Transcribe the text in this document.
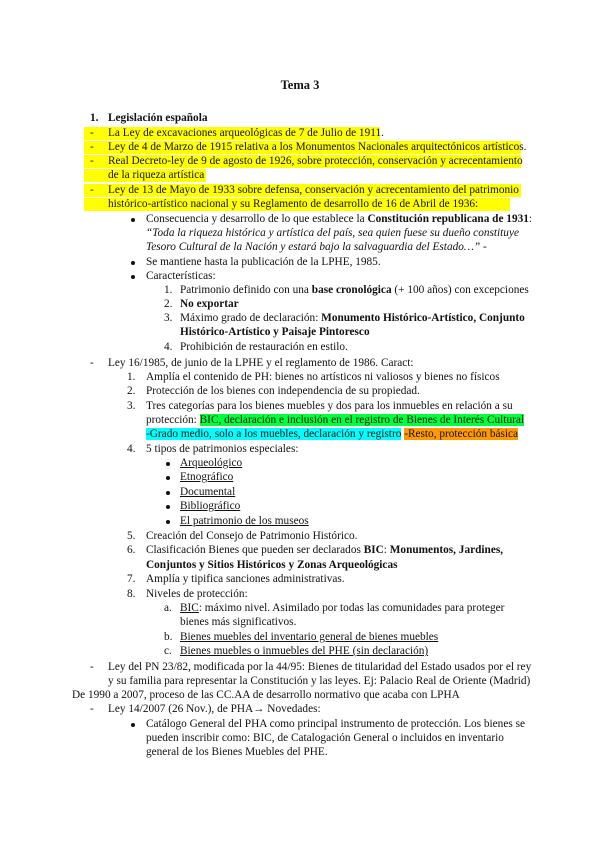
Tema 3
1. Legislación española
- La Ley de excavaciones arqueológicas de 7 de Julio de 1911.
- Ley de 4 de Marzo de 1915 relativa a los Monumentos Nacionales arquitectónicos artísticos.
- Real Decreto-ley de 9 de agosto de 1926, sobre protección, conservación y acrecentamiento
de la riqueza artística
- Ley de 13 de Mayo de 1933 sobre defensa, conservación y acrecentamiento del patrimonio
histórico-artístico nacional y su Reglamento de desarrollo de 16 de Abril de 1936:
Consecuencia y desarrollo de lo que establece la Constitución republicana de 1931:
“Toda la riqueza histórica y artística del país, sea quien fuese su dueño constituye
Tesoro Cultural de la Nación y estará bajo la salvaguardia del Estado…” -
Se mantiene hasta la publicación de la LPHE, 1985.
Características:
1. Patrimonio definido con una base cronológica (+ 100 años) con excepciones
2. No exportar
3. Máximo grado de declaración: Monumento Histórico-Artístico, Conjunto
Histórico-Artístico y Paisaje Pintoresco
4. Prohibición de restauración en estilo.
- Ley 16/1985, de junio de la LPHE y el reglamento de 1986. Caract:
1. Amplía el contenido de PH: bienes no artísticos ni valiosos y bienes no físicos
2. Protección de los bienes con independencia de su propiedad.
3. Tres categorías para los bienes muebles y dos para los inmuebles en relación a su
protección: BIC, declaración e inclusión en el registro de Bienes de Interés Cultural
-Grado medio, solo a los muebles, declaración y registro -Resto, protección básica
4. 5 tipos de patrimonios especiales:
Arqueológico
Etnográfico
Documental
Bibliográfico
El patrimonio de los museos
5. Creación del Consejo de Patrimonio Histórico.
6. Clasificación Bienes que pueden ser declarados BIC: Monumentos, Jardines,
Conjuntos y Sitios Históricos y Zonas Arqueológicas
7. Amplía y tipifica sanciones administrativas.
8. Niveles de protección:
a. BIC: máximo nivel. Asimilado por todas las comunidades para proteger
bienes más significativos.
b. Bienes muebles del inventario general de bienes muebles
c. Bienes muebles o inmuebles del PHE (sin declaración)
- Ley del PN 23/82, modificada por la 44/95: Bienes de titularidad del Estado usados por el rey
y su familia para representar la Constitución y las leyes. Ej: Palacio Real de Oriente (Madrid)
De 1990 a 2007, proceso de las CC.AA de desarrollo normativo que acaba con LPHA
- Ley 14/2007 (26 Nov.), de PHA→ Novedades:
Catálogo General del PHA como principal instrumento de protección. Los bienes se
pueden inscribir como: BIC, de Catalogación General o incluidos en inventario
general de los Bienes Muebles del PHE.
